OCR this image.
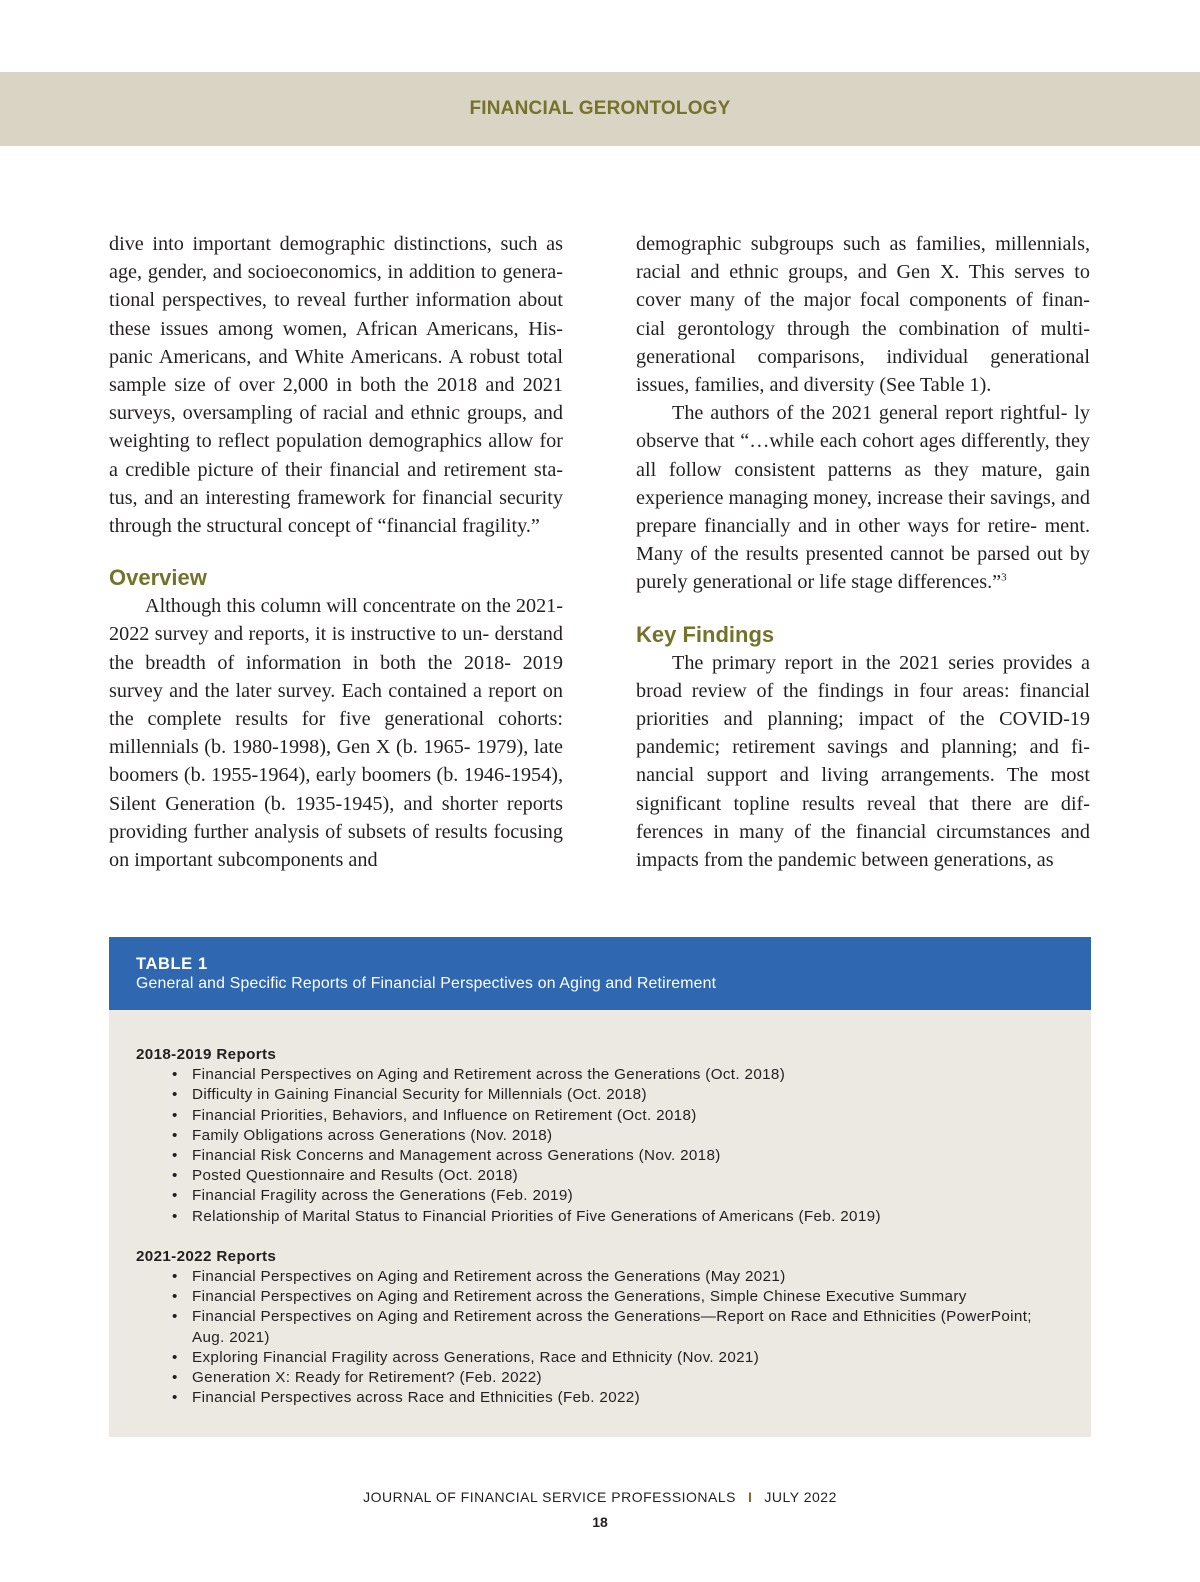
FINANCIAL GERONTOLOGY

dive into important demographic distinctions, such as age, gender, and socioeconomics, in addition to genera- tional perspectives, to reveal further information about these issues among women, African Americans, His- panic Americans, and White Americans. A robust total sample size of over 2,000 in both the 2018 and 2021 surveys, oversampling of racial and ethnic groups, and weighting to reflect population demographics allow for a credible picture of their financial and retirement sta- tus, and an interesting framework for financial security through the structural concept of “financial fragility.”

Overview

Although this column will concentrate on the 2021-2022 survey and reports, it is instructive to un- derstand the breadth of information in both the 2018- 2019 survey and the later survey. Each contained a report on the complete results for five generational cohorts: millennials (b. 1980-1998), Gen X (b. 1965- 1979), late boomers (b. 1955-1964), early boomers (b. 1946-1954), Silent Generation (b. 1935-1945), and shorter reports providing further analysis of subsets of results focusing on important subcomponents and

demographic subgroups such as families, millennials, racial and ethnic groups, and Gen X. This serves to cover many of the major focal components of finan- cial gerontology through the combination of multi- generational comparisons, individual generational issues, families, and diversity (See Table 1).

The authors of the 2021 general report rightful- ly observe that “…while each cohort ages differently, they all follow consistent patterns as they mature, gain experience managing money, increase their savings, and prepare financially and in other ways for retire- ment. Many of the results presented cannot be parsed out by purely generational or life stage differences.”$^3$

Key Findings

The primary report in the 2021 series provides a broad review of the findings in four areas: financial priorities and planning; impact of the COVID-19 pandemic; retirement savings and planning; and fi- nancial support and living arrangements. The most significant topline results reveal that there are dif- ferences in many of the financial circumstances and impacts from the pandemic between generations, as

TABLE 1
General and Specific Reports of Financial Perspectives on Aging and Retirement

2018-2019 Reports

• Financial Perspectives on Aging and Retirement across the Generations (Oct. 2018)
• Difficulty in Gaining Financial Security for Millennials (Oct. 2018)
• Financial Priorities, Behaviors, and Influence on Retirement (Oct. 2018)
• Family Obligations across Generations (Nov. 2018)
• Financial Risk Concerns and Management across Generations (Nov. 2018)
• Posted Questionnaire and Results (Oct. 2018)
• Financial Fragility across the Generations (Feb. 2019)
• Relationship of Marital Status to Financial Priorities of Five Generations of Americans (Feb. 2019)

2021-2022 Reports

• Financial Perspectives on Aging and Retirement across the Generations (May 2021)
• Financial Perspectives on Aging and Retirement across the Generations, Simple Chinese Executive Summary
• Financial Perspectives on Aging and Retirement across the Generations—Report on Race and Ethnicities (PowerPoint; Aug. 2021)
• Exploring Financial Fragility across Generations, Race and Ethnicity (Nov. 2021)
• Generation X: Ready for Retirement? (Feb. 2022)
• Financial Perspectives across Race and Ethnicities (Feb. 2022)
JOURNAL OF FINANCIAL SERVICE PROFESSIONALS I JULY 2022
18
